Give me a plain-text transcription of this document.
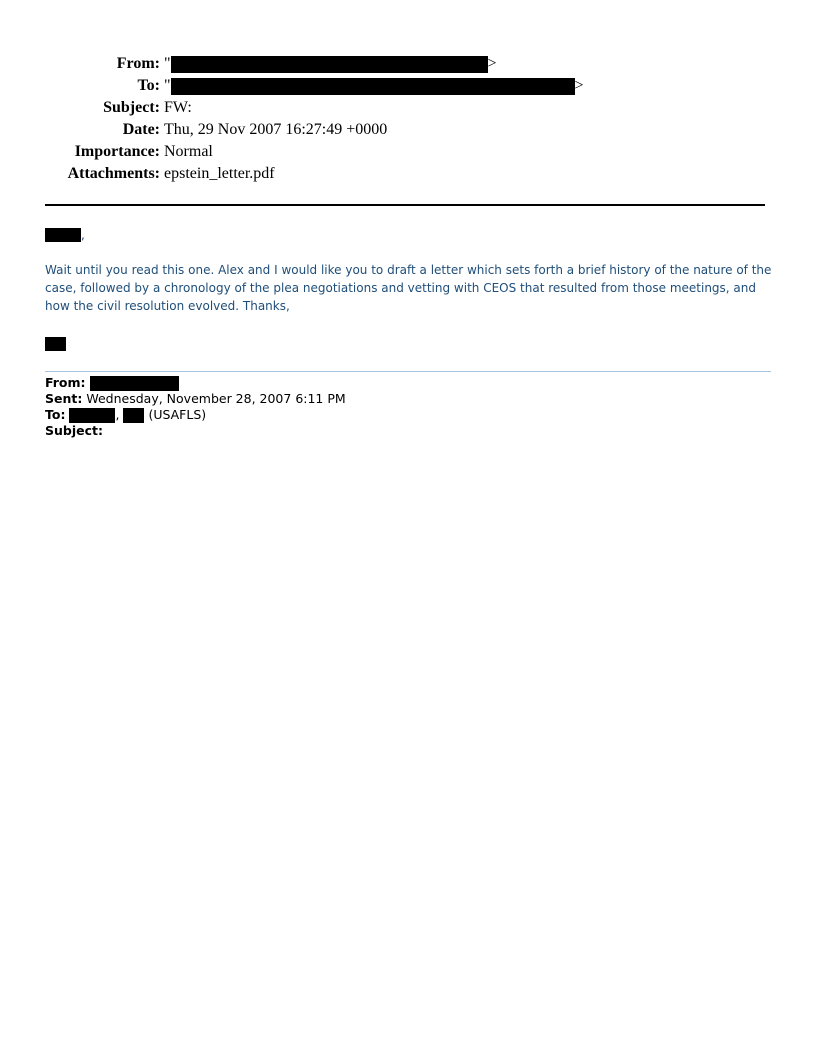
From: "	>
To: "	>
Subject: FW:
Date: Thu, 29 Nov 2007 16:27:49 +0000
Importance: Normal
Attachments: epstein_letter.pdf
,
Wait until you read this one. Alex and I would like you to draft a letter which sets forth a brief history of the nature of the case, followed by a chronology of the plea negotiations and vetting with CEOS that resulted from those meetings, and how the civil resolution evolved. Thanks,
From:
Sent: Wednesday, November 28, 2007 6:11 PM
To:	, (USAFLS)
Subject:
